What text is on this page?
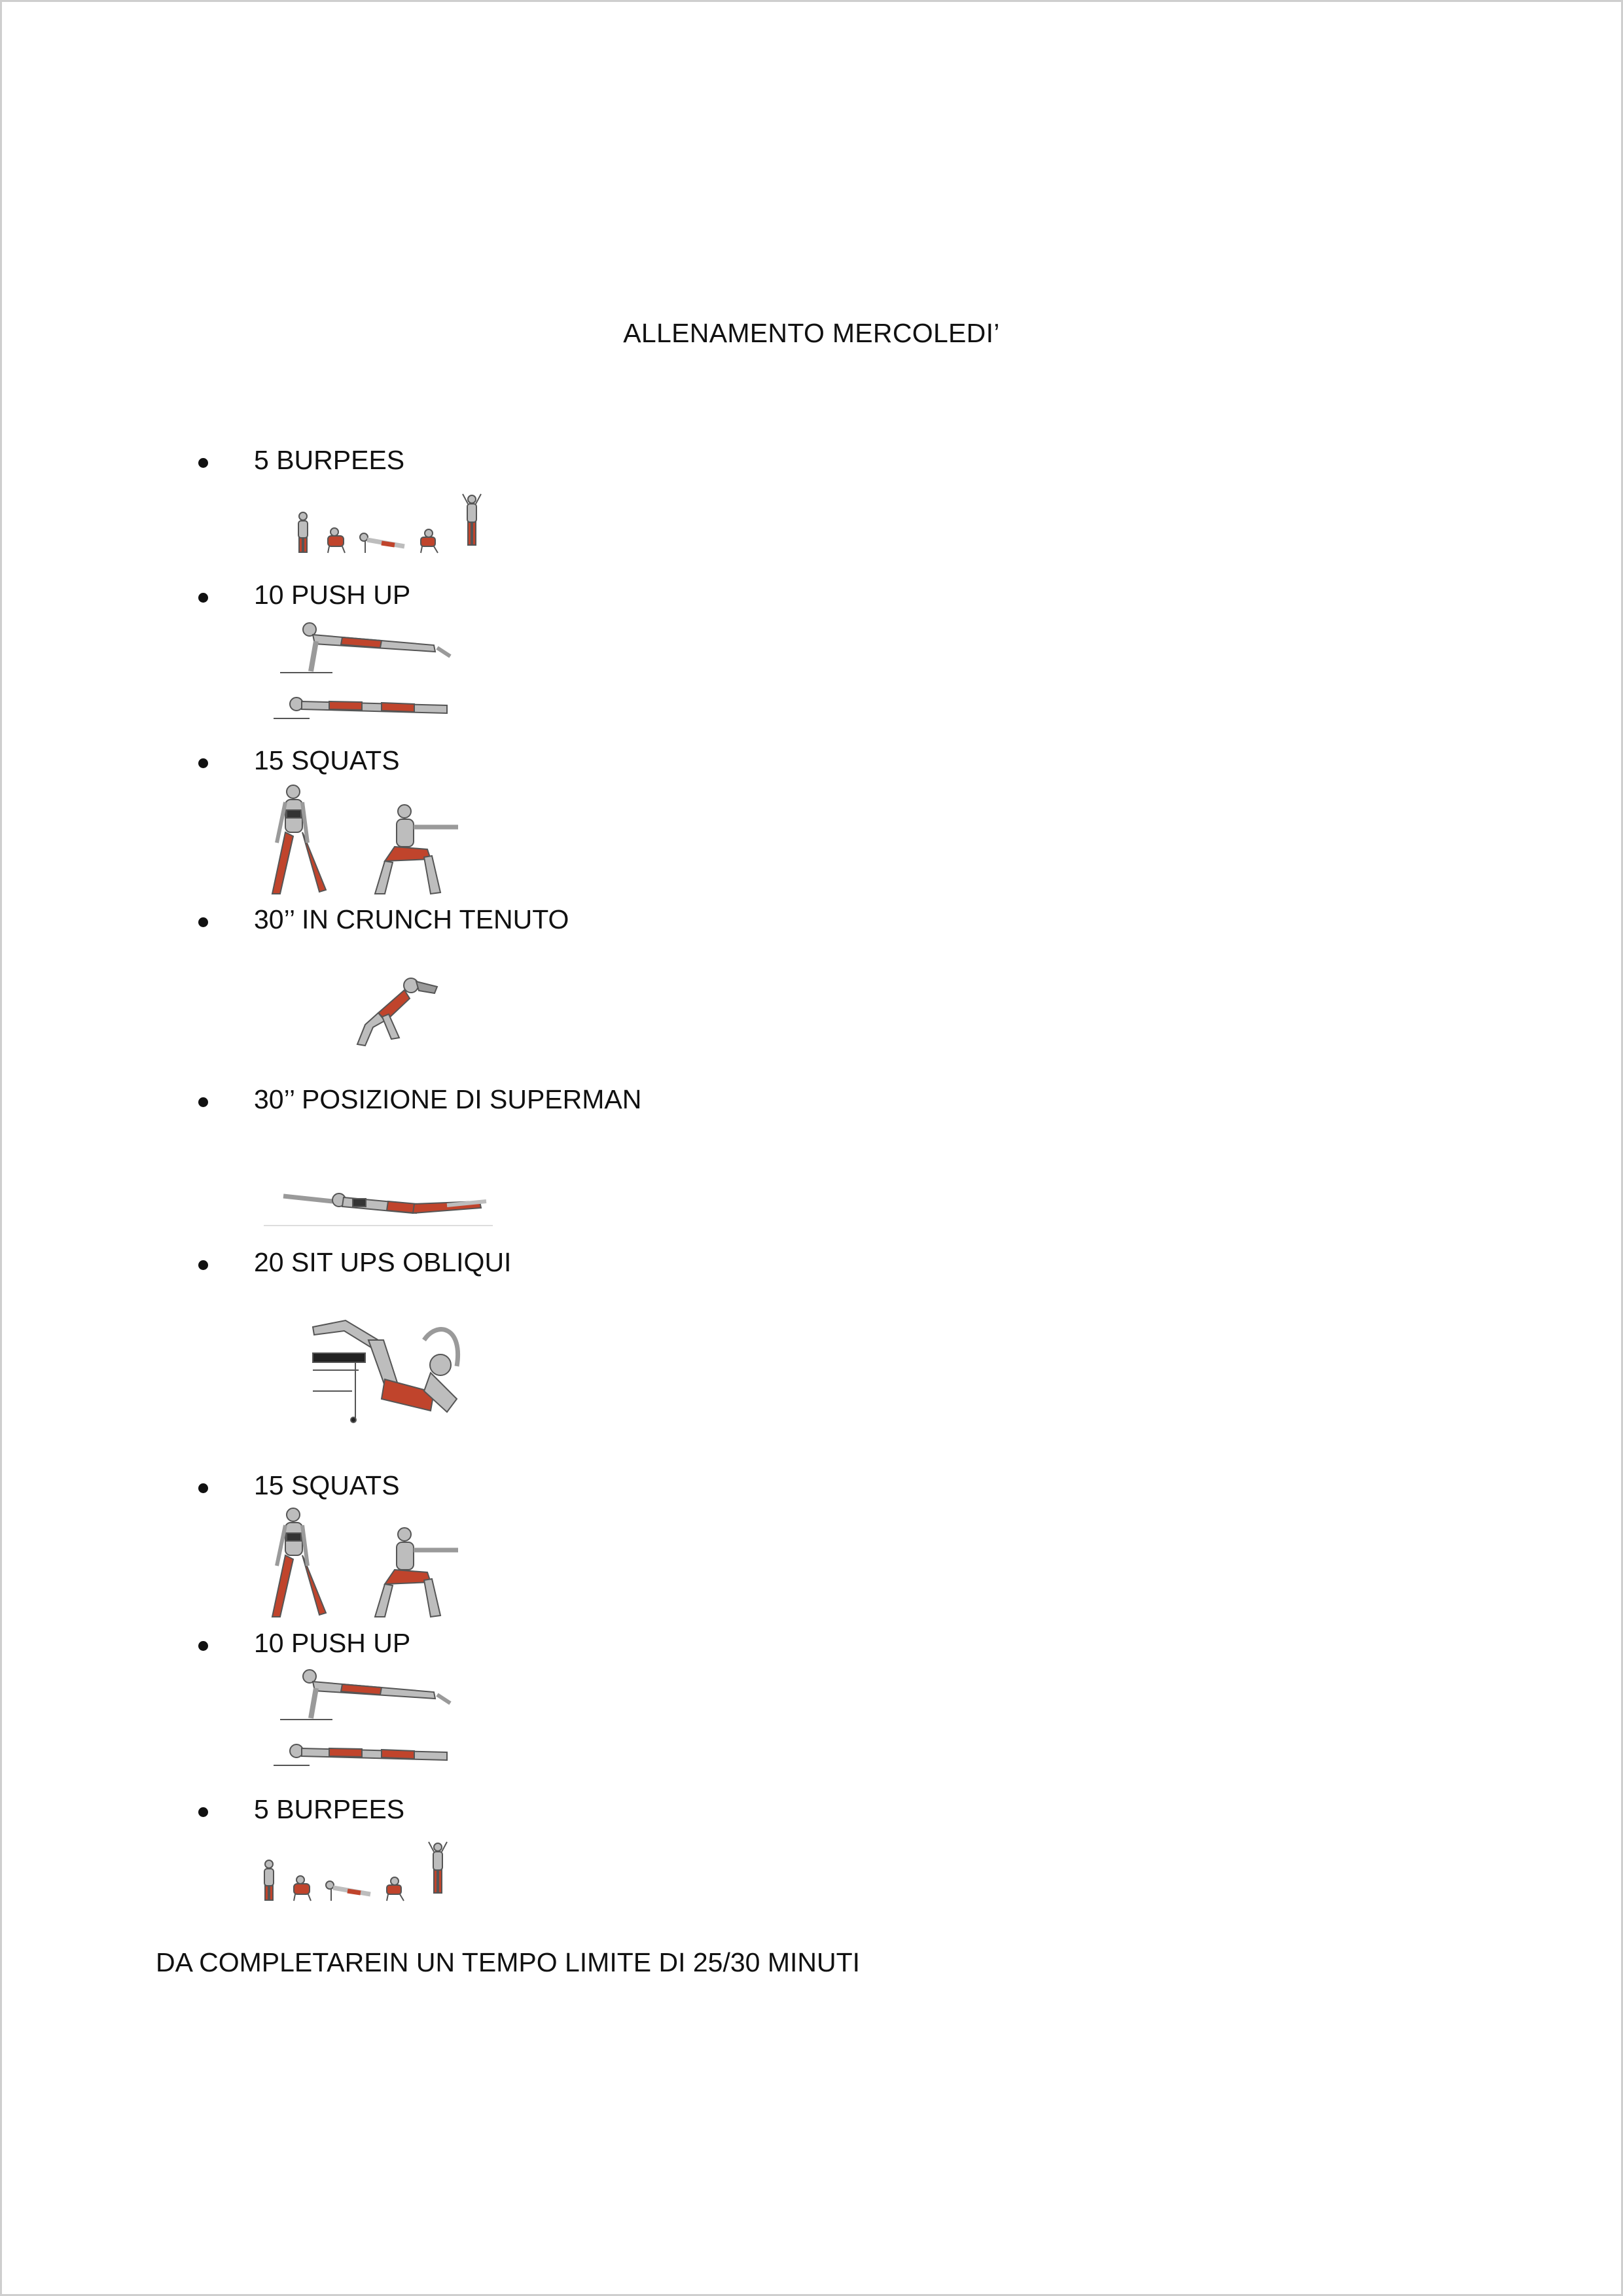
ALLENAMENTO MERCOLEDI’
5 BURPEES
10 PUSH UP
15 SQUATS
30’’ IN CRUNCH TENUTO
30’’ POSIZIONE DI SUPERMAN
20 SIT UPS OBLIQUI
15 SQUATS
10 PUSH UP
5 BURPEES
DA COMPLETAREIN UN TEMPO LIMITE DI 25/30 MINUTI
